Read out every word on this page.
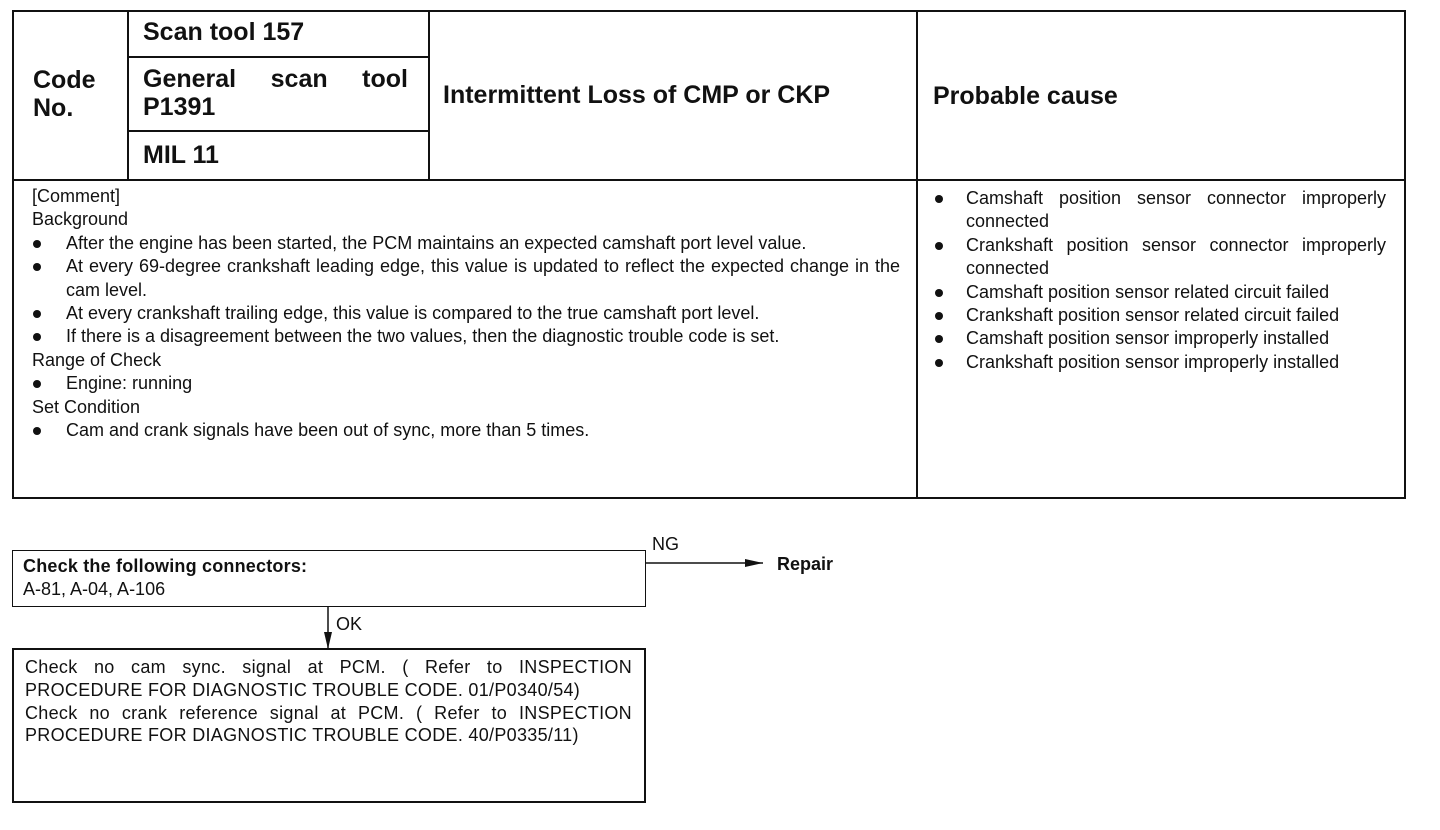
Code No.
Scan tool 157
General scan tool P1391
MIL 11
Intermittent Loss of CMP or CKP	Probable cause
[Comment]
Background
After the engine has been started, the PCM maintains an expected camshaft port level value.
At every 69-degree crankshaft leading edge, this value is updated to reflect the expected change in the cam level.
At every crankshaft trailing edge, this value is compared to the true camshaft port level.
If there is a disagreement between the two values, then the diagnostic trouble code is set.
Range of Check
Engine: running
Set Condition
Cam and crank signals have been out of sync, more than 5 times.
Camshaft position sensor connector improperly connected
Crankshaft position sensor connector improperly connected
Camshaft position sensor related circuit failed
Crankshaft position sensor related circuit failed
Camshaft position sensor improperly installed
Crankshaft position sensor improperly installed
Check the following connectors:
A-81, A-04, A-106
NG
Repair
OK
Check no cam sync. signal at PCM. ( Refer to INSPECTION PROCEDURE FOR DIAGNOSTIC TROUBLE CODE. 01/P0340/54)
Check no crank reference signal at PCM. ( Refer to INSPECTION PROCEDURE FOR DIAGNOSTIC TROUBLE CODE. 40/P0335/11)
